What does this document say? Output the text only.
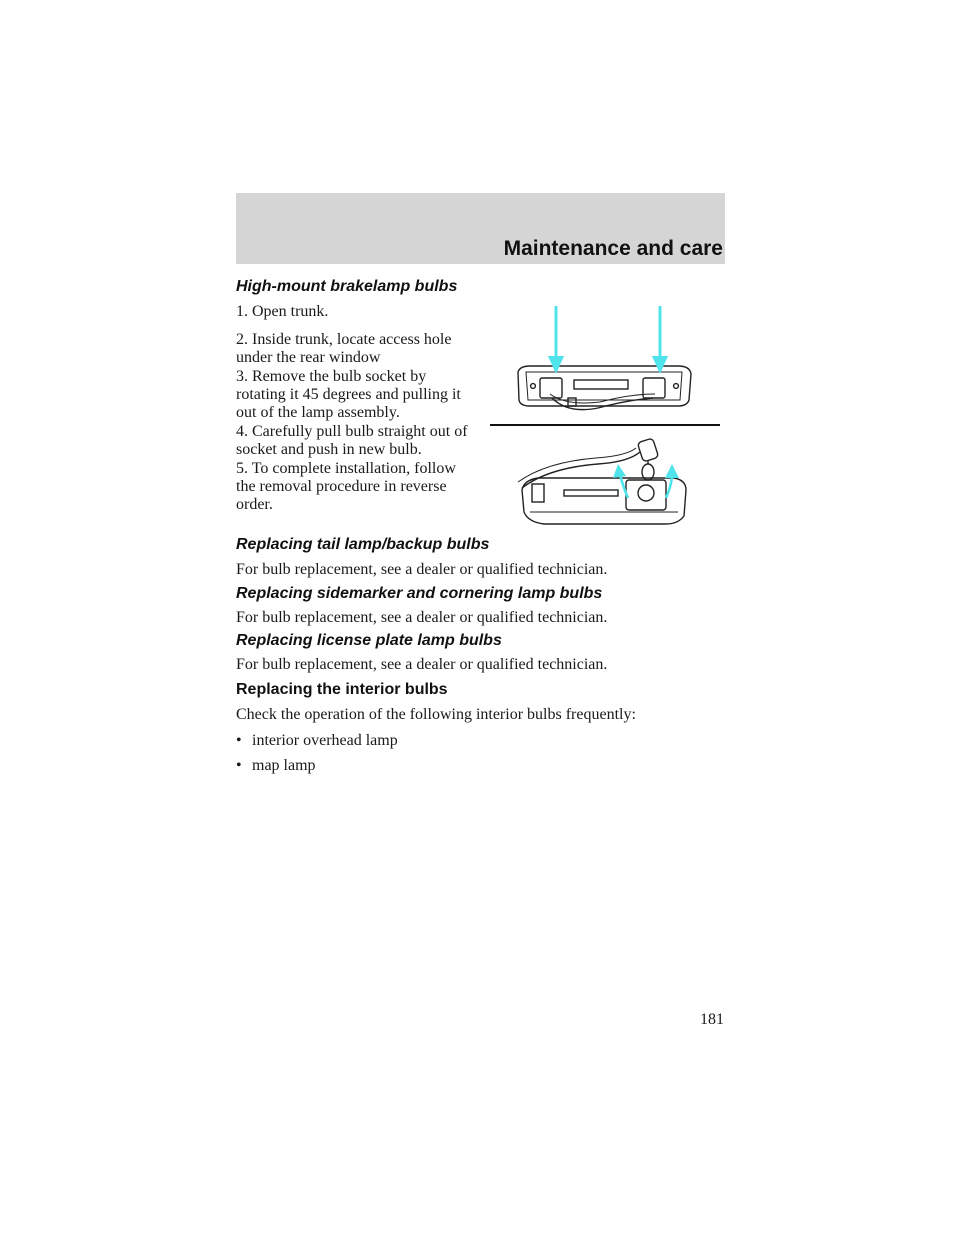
Maintenance and care
High-mount brakelamp bulbs

1. Open trunk.

2. Inside trunk, locate access hole
under the rear window

3. Remove the bulb socket by
rotating it 45 degrees and pulling it
out of the lamp assembly.

4. Carefully pull bulb straight out of
socket and push in new bulb.

5. To complete installation, follow
the removal procedure in reverse
order.

Replacing tail lamp/backup bulbs

For bulb replacement, see a dealer or qualified technician.

Replacing sidemarker and cornering lamp bulbs

For bulb replacement, see a dealer or qualified technician.

Replacing license plate lamp bulbs

For bulb replacement, see a dealer or qualified technician.

Replacing the interior bulbs

Check the operation of the following interior bulbs frequently:

• interior overhead lamp

• map lamp

181
